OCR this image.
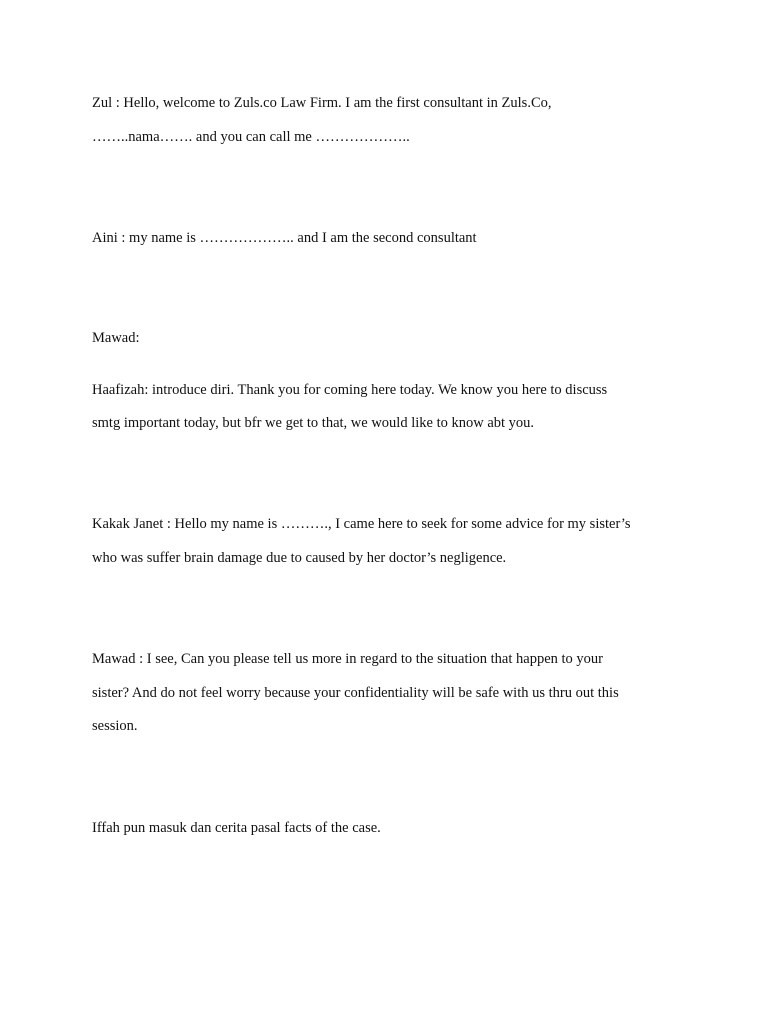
Zul : Hello, welcome to Zuls.co Law Firm. I am the first consultant in Zuls.Co,
……..nama……. and you can call me ………………..
Aini : my name is ……………….. and I am the second consultant
Mawad:
Haafizah: introduce diri. Thank you for coming here today. We know you here to discuss
smtg important today, but bfr we get to that, we would like to know abt you.
Kakak Janet : Hello my name is ………., I came here to seek for some advice for my sister’s
who was suffer brain damage due to caused by her doctor’s negligence.
Mawad : I see, Can you please tell us more in regard to the situation that happen to your
sister? And do not feel worry because your confidentiality will be safe with us thru out this
session.
Iffah pun masuk dan cerita pasal facts of the case.
